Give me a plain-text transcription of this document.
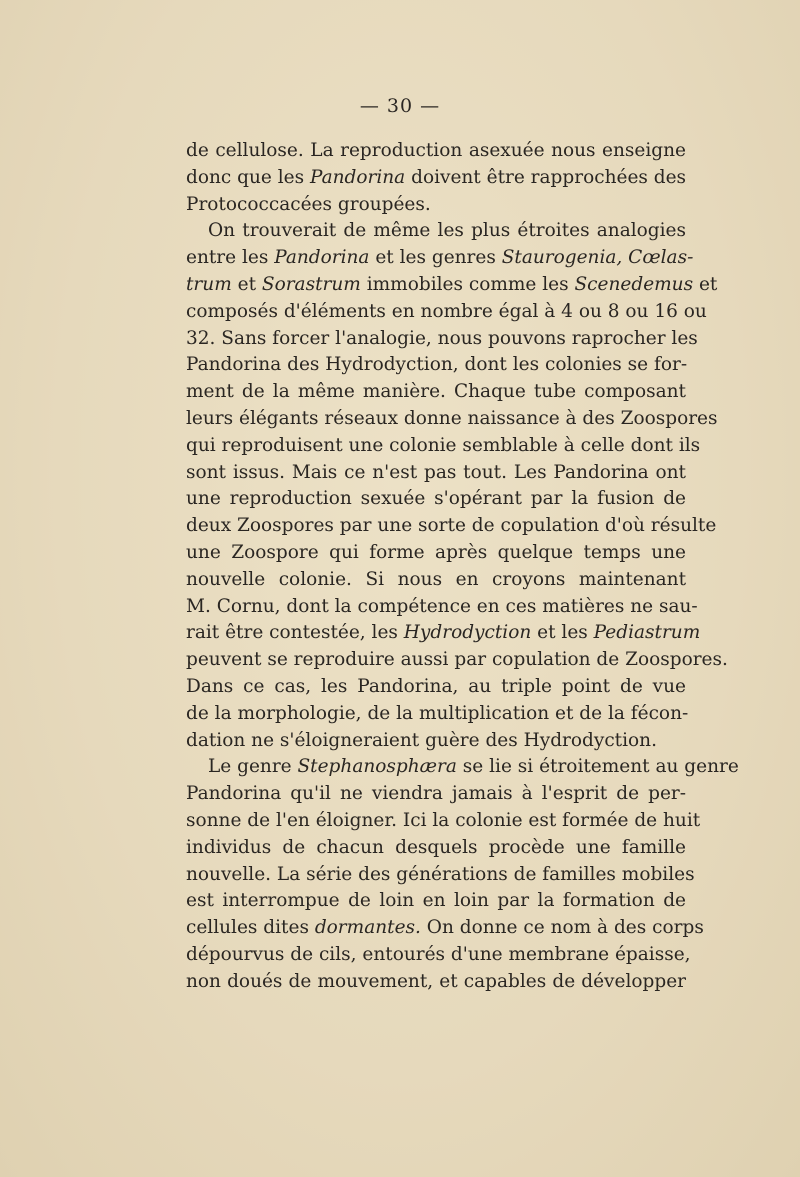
— 30 —
de cellulose. La reproduction asexuée nous enseigne
donc que les Pandorina doivent être rapprochées des
Protococcacées groupées.
On trouverait de même les plus étroites analogies
entre les Pandorina et les genres Staurogenia, Cœlas-
trum et Sorastrum immobiles comme les Scenedemus et
composés d'éléments en nombre égal à 4 ou 8 ou 16 ou
32. Sans forcer l'analogie, nous pouvons raprocher les
Pandorina des Hydrodyction, dont les colonies se for-
ment de la même manière. Chaque tube composant
leurs élégants réseaux donne naissance à des Zoospores
qui reproduisent une colonie semblable à celle dont ils
sont issus. Mais ce n'est pas tout. Les Pandorina ont
une reproduction sexuée s'opérant par la fusion de
deux Zoospores par une sorte de copulation d'où résulte
une Zoospore qui forme après quelque temps une
nouvelle colonie. Si nous en croyons maintenant
M. Cornu, dont la compétence en ces matières ne sau-
rait être contestée, les Hydrodyction et les Pediastrum
peuvent se reproduire aussi par copulation de Zoospores.
Dans ce cas, les Pandorina, au triple point de vue
de la morphologie, de la multiplication et de la fécon-
dation ne s'éloigneraient guère des Hydrodyction.
Le genre Stephanosphæra se lie si étroitement au genre
Pandorina qu'il ne viendra jamais à l'esprit de per-
sonne de l'en éloigner. Ici la colonie est formée de huit
individus de chacun desquels procède une famille
nouvelle. La série des générations de familles mobiles
est interrompue de loin en loin par la formation de
cellules dites dormantes. On donne ce nom à des corps
dépourvus de cils, entourés d'une membrane épaisse,
non doués de mouvement, et capables de développer
